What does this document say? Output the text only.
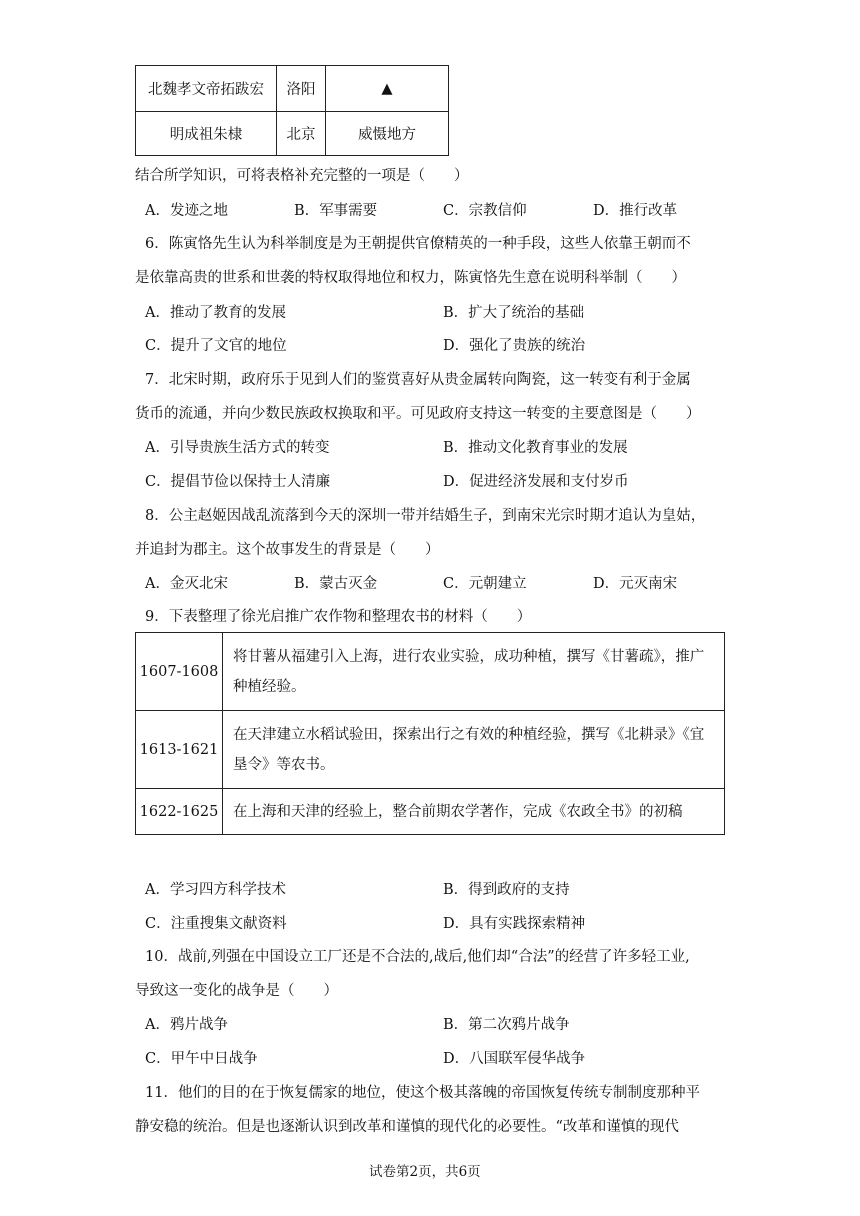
北魏孝文帝拓跋宏	洛阳	▲
明成祖朱棣	北京	威慑地方
结合所学知识，可将表格补充完整的一项是（　　）
A．发迹之地	B．军事需要	C．宗教信仰	D．推行改革
6．陈寅恪先生认为科举制度是为王朝提供官僚精英的一种手段，这些人依靠王朝而不
是依靠高贵的世系和世袭的特权取得地位和权力，陈寅恪先生意在说明科举制（　　）
A．推动了教育的发展	B．扩大了统治的基础
C．提升了文官的地位	D．强化了贵族的统治
7．北宋时期，政府乐于见到人们的鉴赏喜好从贵金属转向陶瓷，这一转变有利于金属
货币的流通，并向少数民族政权换取和平。可见政府支持这一转变的主要意图是（　　）
A．引导贵族生活方式的转变	B．推动文化教育事业的发展
C．提倡节俭以保持士人清廉	D．促进经济发展和支付岁币
8．公主赵姬因战乱流落到今天的深圳一带并结婚生子，到南宋光宗时期才追认为皇姑，
并追封为郡主。这个故事发生的背景是（　　）
A．金灭北宋	B．蒙古灭金	C．元朝建立	D．元灭南宋
9．下表整理了徐光启推广农作物和整理农书的材料（　　）
1607-1608	将甘薯从福建引入上海，进行农业实验，成功种植，撰写《甘薯疏》，推广
种植经验。

1613-1621	在天津建立水稻试验田，探索出行之有效的种植经验，撰写《北耕录》《宜
垦令》等农书。

1622-1625	在上海和天津的经验上，整合前期农学著作，完成《农政全书》的初稿
A．学习四方科学技术	B．得到政府的支持
C．注重搜集文献资料	D．具有实践探索精神
10．战前,列强在中国设立工厂还是不合法的,战后,他们却“合法”的经营了许多轻工业,
导致这一变化的战争是（　　）
A．鸦片战争	B．第二次鸦片战争
C．甲午中日战争	D．八国联军侵华战争
11．他们的目的在于恢复儒家的地位，使这个极其落魄的帝国恢复传统专制制度那种平
静安稳的统治。但是也逐渐认识到改革和谨慎的现代化的必要性。“改革和谨慎的现代
试卷第2页，共6页
